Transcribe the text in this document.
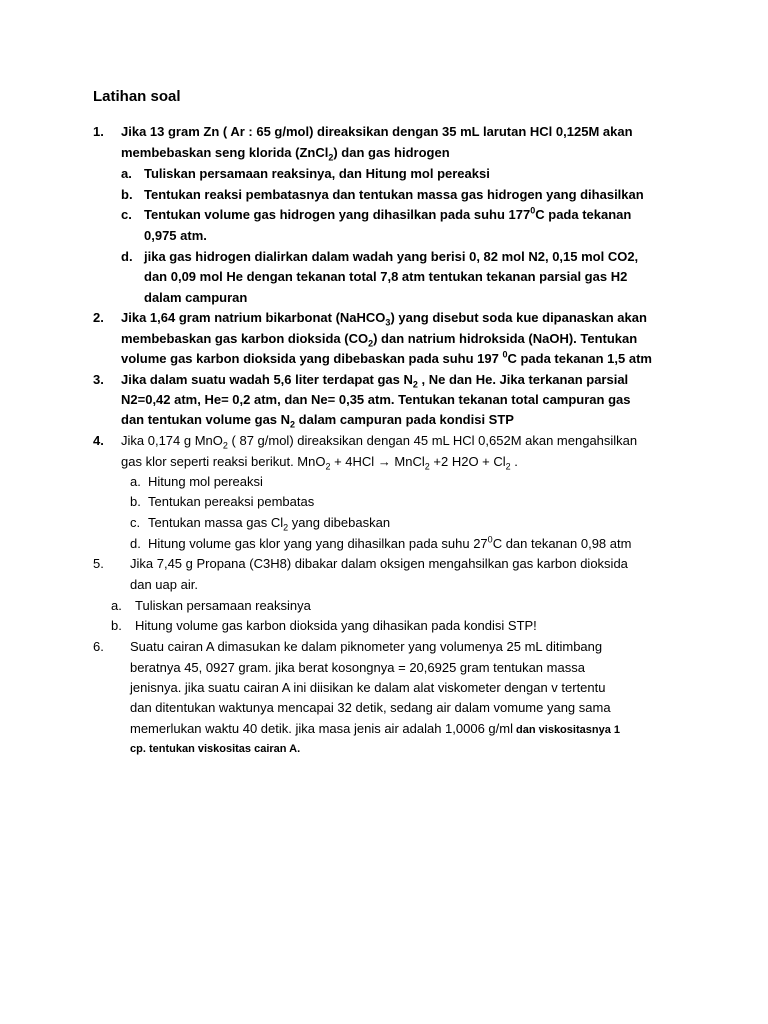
Latihan soal
1. Jika 13 gram Zn ( Ar : 65 g/mol) direaksikan dengan 35 mL larutan HCl 0,125M akan
membebaskan seng klorida (ZnCl$_2$) dan gas hidrogen
a. Tuliskan persamaan reaksinya, dan Hitung mol pereaksi
b. Tentukan reaksi pembatasnya dan tentukan massa gas hidrogen yang dihasilkan
c. Tentukan volume gas hidrogen yang dihasilkan pada suhu $177^0C$ pada tekanan
0,975 atm.
d. jika gas hidrogen dialirkan dalam wadah yang berisi 0, 82 mol N2, 0,15 mol CO2,
dan 0,09 mol He dengan tekanan total 7,8 atm tentukan tekanan parsial gas H2
dalam campuran
2. Jika 1,64 gram natrium bikarbonat (NaHCO$_3$) yang disebut soda kue dipanaskan akan
membebaskan gas karbon dioksida $(CO_2)$ dan natrium hidroksida (NaOH). Tentukan
volume gas karbon dioksida yang dibebaskan pada suhu 197 $^0$C pada tekanan 1,5 atm
3. Jika dalam suatu wadah 5,6 liter terdapat gas $N_2$ , Ne dan He. Jika terkanan parsial
N2=0,42 atm, He= 0,2 atm, dan Ne= 0,35 atm. Tentukan tekanan total campuran gas
dan tentukan volume gas $N_2$ dalam campuran pada kondisi STP
4. Jika 0,174 g MnO$_2$ ( 87 g/mol) direaksikan dengan 45 mL HCl 0,652M akan mengahsilkan
gas klor seperti reaksi berikut. MnO$_2$ + 4HCl → MnCl$_2$ +2 $H2O + Cl_2$ .
a. Hitung mol pereaksi
b. Tentukan pereaksi pembatas
c. Tentukan massa gas $Cl_2$ yang dibebaskan
d. Hitung volume gas klor yang yang dihasilkan pada suhu $27^0C$ dan tekanan 0,98 atm
5. Jika 7,45 g Propana (C3H8) dibakar dalam oksigen mengahsilkan gas karbon dioksida
dan uap air.
a. Tuliskan persamaan reaksinya
b. Hitung volume gas karbon dioksida yang dihasikan pada kondisi STP!
6. Suatu cairan A dimasukan ke dalam piknometer yang volumenya 25 mL ditimbang
beratnya 45, 0927 gram. jika berat kosongnya = 20,6925 gram tentukan massa
jenisnya. jika suatu cairan A ini diisikan ke dalam alat viskometer dengan v tertentu
dan ditentukan waktunya mencapai 32 detik, sedang air dalam vomume yang sama
memerlukan waktu 40 detik. jika masa jenis air adalah 1,0006 g/ml dan viskositasnya 1
cp. tentukan viskositas cairan A.
